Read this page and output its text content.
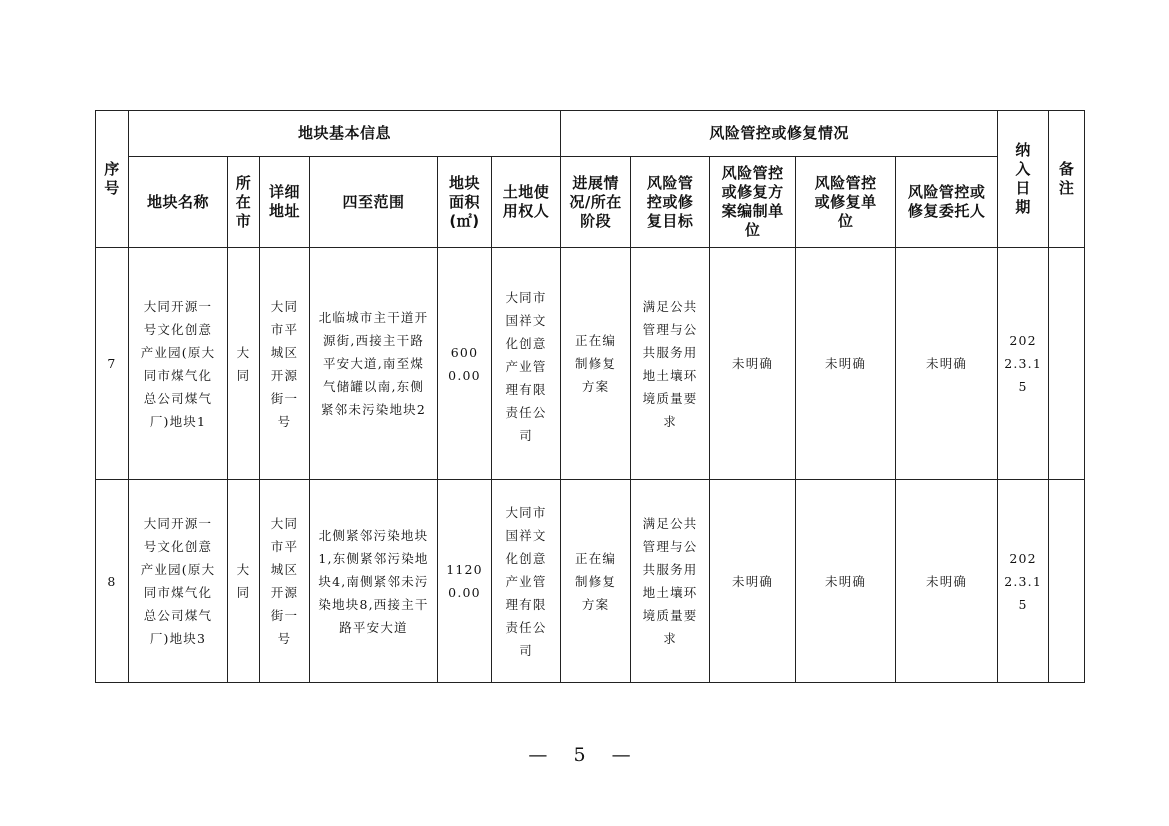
序号	地块基本信息						风险管控或修复情况					纳入日期	备注
	地块名称	所在市	详细地址	四至范围	地块面积(㎡)	土地使用权人	进展情况/所在阶段	风险管控或修复目标	风险管控或修复方案编制单位	风险管控或修复单位	风险管控或修复委托人		
7	大同开源一号文化创意产业园(原大同市煤气化总公司煤气厂)地块1	大同	大同市平城区开源街一号	北临城市主干道开源街,西接主干路平安大道,南至煤气储罐以南,东侧紧邻未污染地块2	6000.00	大同市国祥文化创意产业管理有限责任公司	正在编制修复方案	满足公共管理与公共服务用地土壤环境质量要求	未明确	未明确	未明确	2022.3.15	
8	大同开源一号文化创意产业园(原大同市煤气化总公司煤气厂)地块3	大同	大同市平城区开源街一号	北侧紧邻污染地块1,东侧紧邻污染地块4,南侧紧邻未污染地块8,西接主干路平安大道	11200.00	大同市国祥文化创意产业管理有限责任公司	正在编制修复方案	满足公共管理与公共服务用地土壤环境质量要求	未明确	未明确	未明确	2022.3.15	
— 5 —
